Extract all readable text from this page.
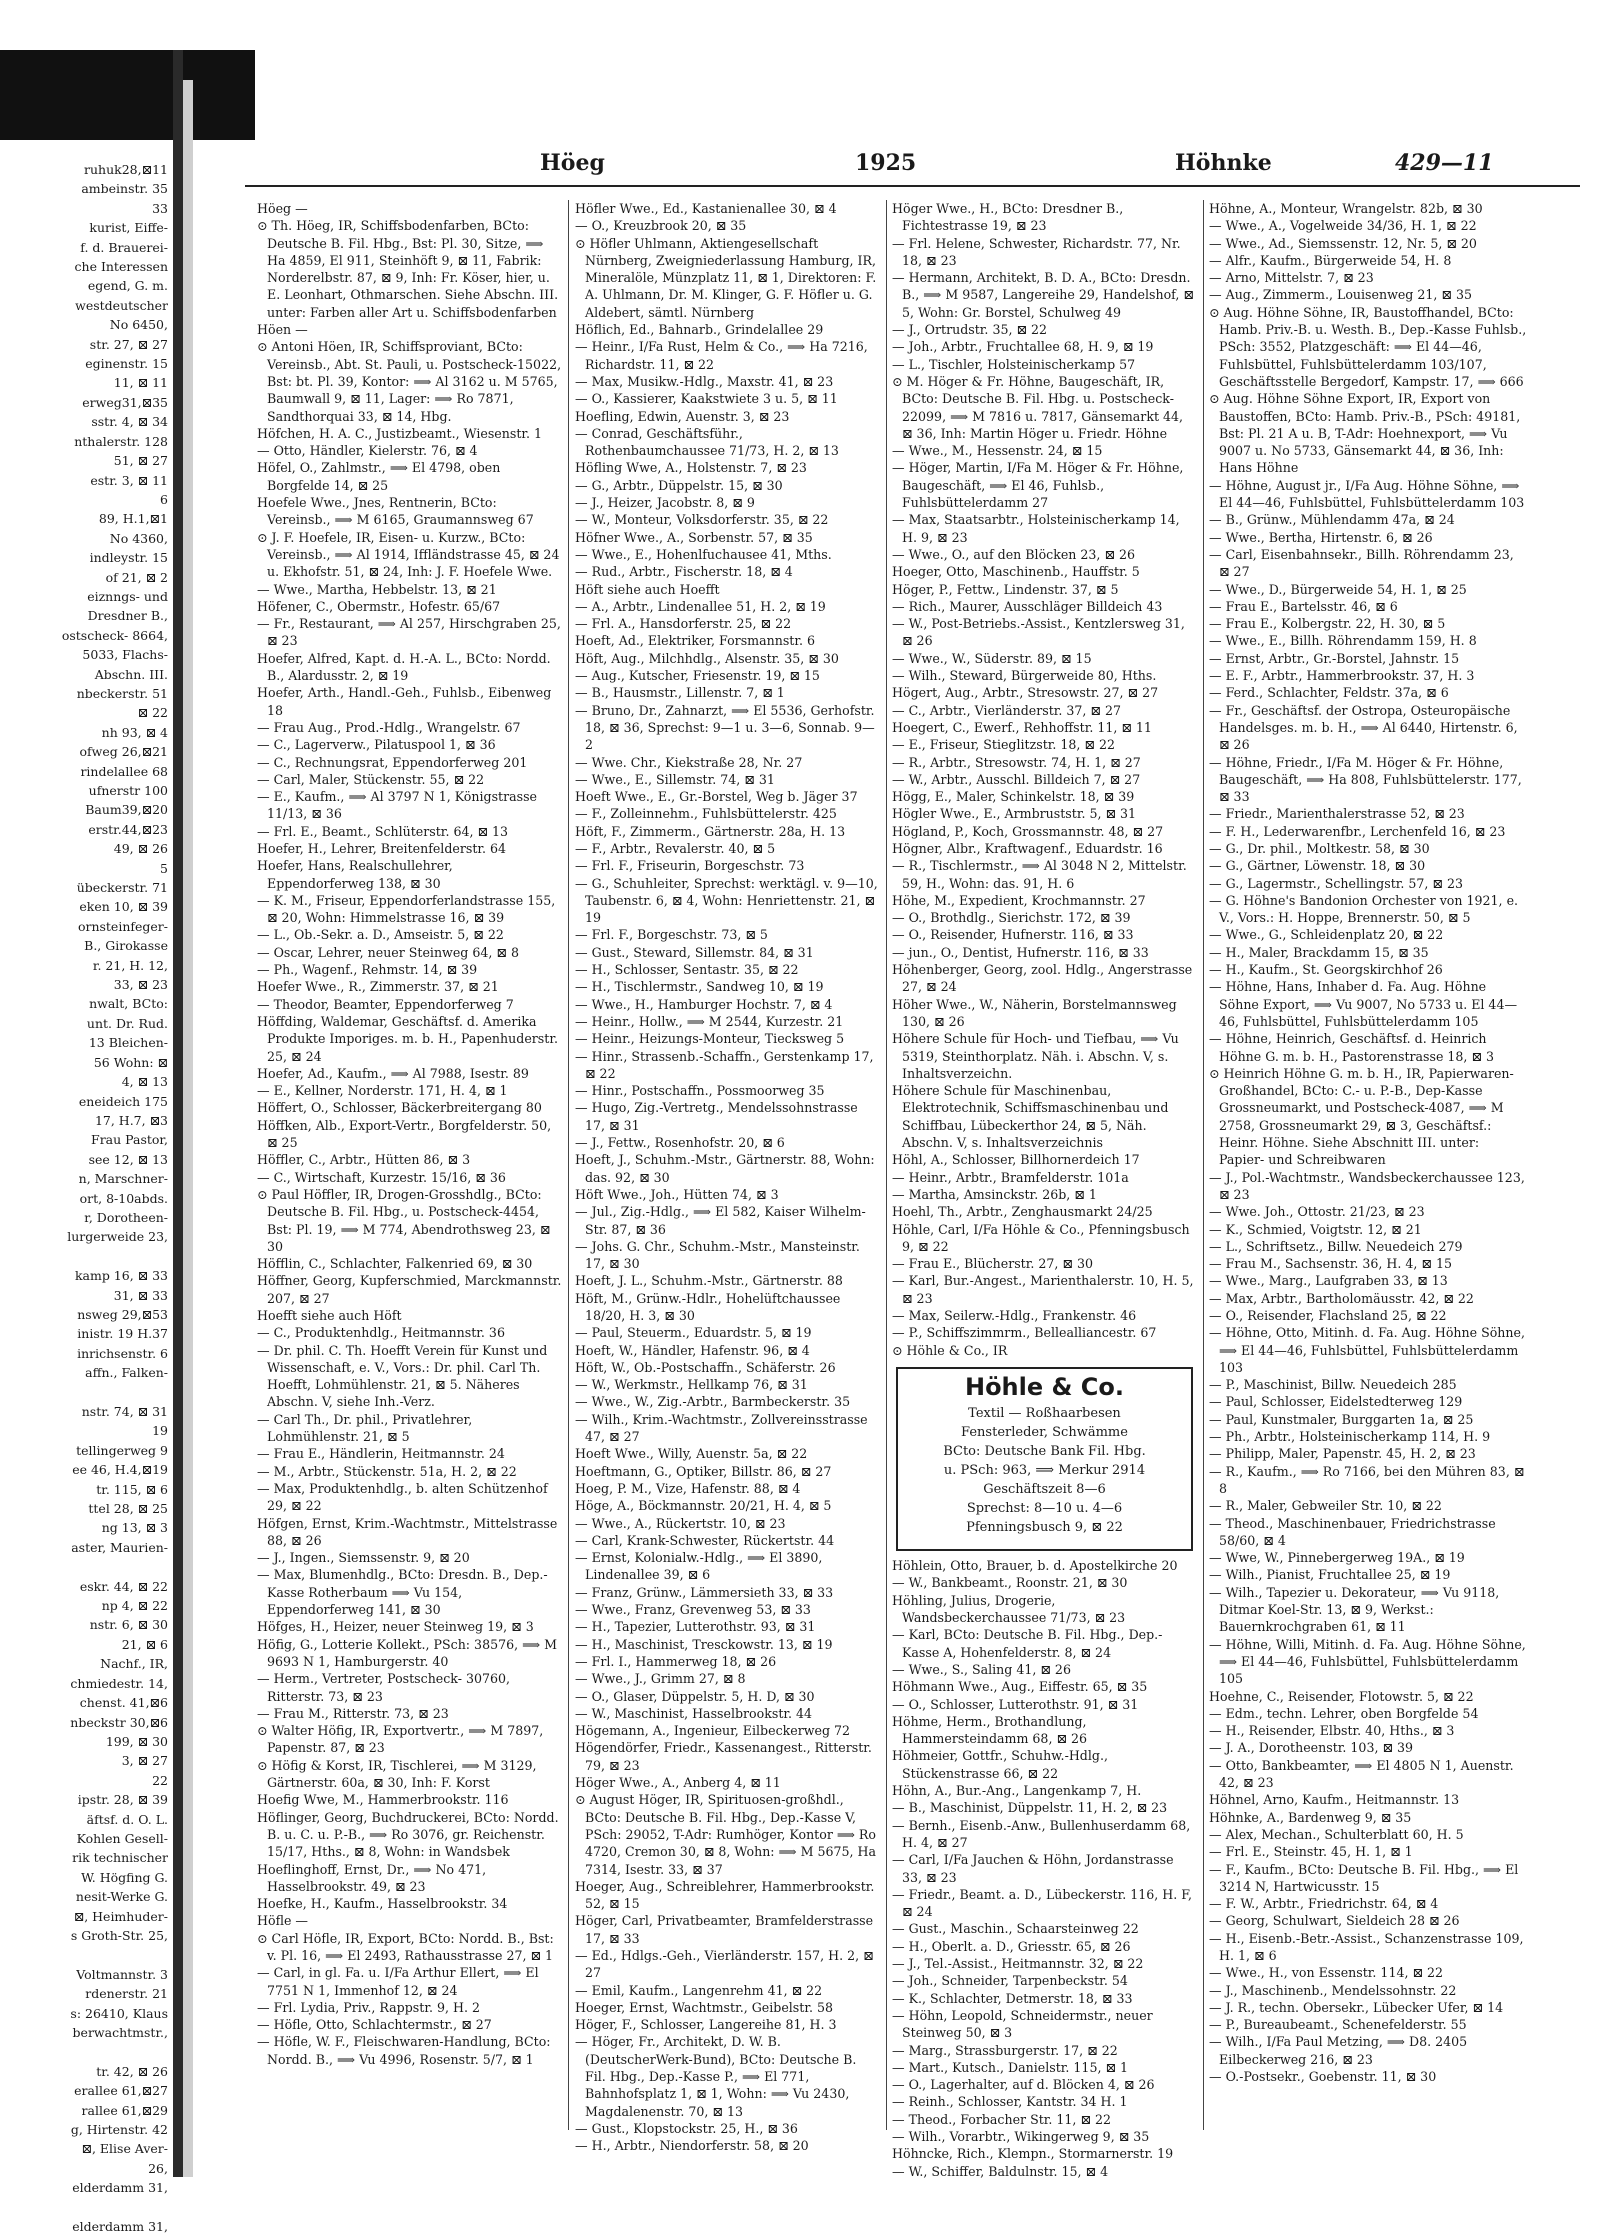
ruhuk28,⊠11
ambeinstr. 35
33
kurist, Eiffe-
f. d. Brauerei-
che Interessen
egend, G. m.
westdeutscher
No 6450,
str. 27, ⊠ 27
eginenstr. 15
11, ⊠ 11
erweg31,⊠35
sstr. 4, ⊠ 34
nthalerstr. 128
51, ⊠ 27
estr. 3, ⊠ 11
6
89, H.1,⊠1
No 4360,
indleystr. 15
of 21, ⊠ 2
eiznngs- und
Dresdner B.,
ostscheck- 8664,
5033, Flachs-
Abschn. III.
nbeckerstr. 51
⊠ 22
nh 93, ⊠ 4
ofweg 26,⊠21
rindelallee 68
ufnerstr 100
Baum39,⊠20
erstr.44,⊠23
49, ⊠ 26
5
übeckerstr. 71
eken 10, ⊠ 39
ornsteinfeger-
B., Girokasse
r. 21, H. 12,
33, ⊠ 23
nwalt, BCto:
unt. Dr. Rud.
13 Bleichen-
56 Wohn: ⊠
4, ⊠ 13
eneideich 175
17, H.7, ⊠3
Frau Pastor,
see 12, ⊠ 13
n, Marschner-
ort, 8-10abds.
r, Dorotheen-
lurgerweide 23,

kamp 16, ⊠ 33
31, ⊠ 33
nsweg 29,⊠53
inistr. 19 H.37
inrichsenstr. 6
affn., Falken-

nstr. 74, ⊠ 31
19
tellingerweg 9
ee 46, H.4,⊠19
tr. 115, ⊠ 6
ttel 28, ⊠ 25
ng 13, ⊠ 3
aster, Maurien-

eskr. 44, ⊠ 22
np 4, ⊠ 22
nstr. 6, ⊠ 30
21, ⊠ 6
Nachf., IR,
chmiedestr. 14,
chenst. 41,⊠6
nbeckstr 30,⊠6
199, ⊠ 30
3, ⊠ 27
22
ipstr. 28, ⊠ 39
äftsf. d. O. L.
Kohlen Gesell-
rik technischer
W. Högfing G.
nesit-Werke G.
⊠, Heimhuder-
s Groth-Str. 25,

Voltmannstr. 3
rdenerstr. 21
s: 26410, Klaus
berwachtmstr.,

tr. 42, ⊠ 26
erallee 61,⊠27
rallee 61,⊠29
g, Hirtenstr. 42
⊠, Elise Aver-
26,
elderdamm 31,

elderdamm 31,
Höeg	1925	Höhnke	429—11
Höeg —
⊙ Th. Höeg, IR, Schiffsbodenfarben, BCto: Deutsche B. Fil. Hbg., Bst: Pl. 30, Sitze, ⟹ Ha 4859, El 911, Steinhöft 9, ⊠ 11, Fabrik: Norderelbstr. 87, ⊠ 9, Inh: Fr. Köser, hier, u. E. Leonhart, Othmarschen. Siehe Abschn. III. unter: Farben aller Art u. Schiffsbodenfarben
Höen —
⊙ Antoni Höen, IR, Schiffsproviant, BCto: Vereinsb., Abt. St. Pauli, u. Postscheck-15022, Bst: bt. Pl. 39, Kontor: ⟹ Al 3162 u. M 5765, Baumwall 9, ⊠ 11, Lager: ⟹ Ro 7871, Sandthorquai 33, ⊠ 14, Hbg.
Höfchen, H. A. C., Justizbeamt., Wiesenstr. 1
— Otto, Händler, Kielerstr. 76, ⊠ 4
Höfel, O., Zahlmstr., ⟹ El 4798, oben Borgfelde 14, ⊠ 25
Hoefele Wwe., Jnes, Rentnerin, BCto: Vereinsb., ⟹ M 6165, Graumannsweg 67
⊙ J. F. Hoefele, IR, Eisen- u. Kurzw., BCto: Vereinsb., ⟹ Al 1914, Iffländstrasse 45, ⊠ 24 u. Ekhofstr. 51, ⊠ 24, Inh: J. F. Hoefele Wwe.
— Wwe., Martha, Hebbelstr. 13, ⊠ 21
Höfener, C., Obermstr., Hofestr. 65/67
— Fr., Restaurant, ⟹ Al 257, Hirschgraben 25, ⊠ 23
Hoefer, Alfred, Kapt. d. H.-A. L., BCto: Nordd. B., Alardusstr. 2, ⊠ 19
Hoefer, Arth., Handl.-Geh., Fuhlsb., Eibenweg 18
— Frau Aug., Prod.-Hdlg., Wrangelstr. 67
— C., Lagerverw., Pilatuspool 1, ⊠ 36
— C., Rechnungsrat, Eppendorferweg 201
— Carl, Maler, Stückenstr. 55, ⊠ 22
— E., Kaufm., ⟹ Al 3797 N 1, Königstrasse 11/13, ⊠ 36
— Frl. E., Beamt., Schlüterstr. 64, ⊠ 13
Hoefer, H., Lehrer, Breitenfelderstr. 64
Hoefer, Hans, Realschullehrer, Eppendorferweg 138, ⊠ 30
— K. M., Friseur, Eppendorferlandstrasse 155, ⊠ 20, Wohn: Himmelstrasse 16, ⊠ 39
— L., Ob.-Sekr. a. D., Amseistr. 5, ⊠ 22
— Oscar, Lehrer, neuer Steinweg 64, ⊠ 8
— Ph., Wagenf., Rehmstr. 14, ⊠ 39
Hoefer Wwe., R., Zimmerstr. 37, ⊠ 21
— Theodor, Beamter, Eppendorferweg 7
Höffding, Waldemar, Geschäftsf. d. Amerika Produkte Imporiges. m. b. H., Papenhuderstr. 25, ⊠ 24
Hoefer, Ad., Kaufm., ⟹ Al 7988, Isestr. 89
— E., Kellner, Norderstr. 171, H. 4, ⊠ 1
Höffert, O., Schlosser, Bäckerbreitergang 80
Höffken, Alb., Export-Vertr., Borgfelderstr. 50, ⊠ 25
Höffler, C., Arbtr., Hütten 86, ⊠ 3
— C., Wirtschaft, Kurzestr. 15/16, ⊠ 36
⊙ Paul Höffler, IR, Drogen-Grosshdlg., BCto: Deutsche B. Fil. Hbg., u. Postscheck-4454, Bst: Pl. 19, ⟹ M 774, Abendrothsweg 23, ⊠ 30
Höfflin, C., Schlachter, Falkenried 69, ⊠ 30
Höffner, Georg, Kupferschmied, Marckmannstr. 207, ⊠ 27
Hoefft siehe auch Höft
— C., Produktenhdlg., Heitmannstr. 36
— Dr. phil. C. Th. Hoefft Verein für Kunst und Wissenschaft, e. V., Vors.: Dr. phil. Carl Th. Hoefft, Lohmühlenstr. 21, ⊠ 5. Näheres Abschn. V, siehe Inh.-Verz.
— Carl Th., Dr. phil., Privatlehrer, Lohmühlenstr. 21, ⊠ 5
— Frau E., Händlerin, Heitmannstr. 24
— M., Arbtr., Stückenstr. 51a, H. 2, ⊠ 22
— Max, Produktenhdlg., b. alten Schützenhof 29, ⊠ 22
Höfgen, Ernst, Krim.-Wachtmstr., Mittelstrasse 88, ⊠ 26
— J., Ingen., Siemssenstr. 9, ⊠ 20
— Max, Blumenhdlg., BCto: Dresdn. B., Dep.-Kasse Rotherbaum ⟹ Vu 154, Eppendorferweg 141, ⊠ 30
Höfges, H., Heizer, neuer Steinweg 19, ⊠ 3
Höfig, G., Lotterie Kollekt., PSch: 38576, ⟹ M 9693 N 1, Hamburgerstr. 40
— Herm., Vertreter, Postscheck- 30760, Ritterstr. 73, ⊠ 23
— Frau M., Ritterstr. 73, ⊠ 23
⊙ Walter Höfig, IR, Exportvertr., ⟹ M 7897, Papenstr. 87, ⊠ 23
⊙ Höfig & Korst, IR, Tischlerei, ⟹ M 3129, Gärtnerstr. 60a, ⊠ 30, Inh: F. Korst
Hoefig Wwe, M., Hammerbrookstr. 116
Höflinger, Georg, Buchdruckerei, BCto: Nordd. B. u. C. u. P.-B., ⟹ Ro 3076, gr. Reichenstr. 15/17, Hths., ⊠ 8, Wohn: in Wandsbek
Hoeflinghoff, Ernst, Dr., ⟹ No 471, Hasselbrookstr. 49, ⊠ 23
Hoefke, H., Kaufm., Hasselbrookstr. 34
Höfle —
⊙ Carl Höfle, IR, Export, BCto: Nordd. B., Bst: v. Pl. 16, ⟹ El 2493, Rathausstrasse 27, ⊠ 1
— Carl, in gl. Fa. u. I/Fa Arthur Ellert, ⟹ El 7751 N 1, Immenhof 12, ⊠ 24
— Frl. Lydia, Priv., Rappstr. 9, H. 2
— Höfle, Otto, Schlachtermstr., ⊠ 27
— Höfle, W. F., Fleischwaren-Handlung, BCto: Nordd. B., ⟹ Vu 4996, Rosenstr. 5/7, ⊠ 1
Höfler Wwe., Ed., Kastanienallee 30, ⊠ 4
— O., Kreuzbrook 20, ⊠ 35
⊙ Höfler Uhlmann, Aktiengesellschaft Nürnberg, Zweigniederlassung Hamburg, IR, Mineralöle, Münzplatz 11, ⊠ 1, Direktoren: F. A. Uhlmann, Dr. M. Klinger, G. F. Höfler u. G. Aldebert, sämtl. Nürnberg
Höflich, Ed., Bahnarb., Grindelallee 29
— Heinr., I/Fa Rust, Helm & Co., ⟹ Ha 7216, Richardstr. 11, ⊠ 22
— Max, Musikw.-Hdlg., Maxstr. 41, ⊠ 23
— O., Kassierer, Kaakstwiete 3 u. 5, ⊠ 11
Hoefling, Edwin, Auenstr. 3, ⊠ 23
— Conrad, Geschäftsführ., Rothenbaumchaussee 71/73, H. 2, ⊠ 13
Höfling Wwe, A., Holstenstr. 7, ⊠ 23
— G., Arbtr., Düppelstr. 15, ⊠ 30
— J., Heizer, Jacobstr. 8, ⊠ 9
— W., Monteur, Volksdorferstr. 35, ⊠ 22
Höfner Wwe., A., Sorbenstr. 57, ⊠ 35
— Wwe., E., Hohenlfuchausee 41, Mths.
— Rud., Arbtr., Fischerstr. 18, ⊠ 4
Höft siehe auch Hoefft
— A., Arbtr., Lindenallee 51, H. 2, ⊠ 19
— Frl. A., Hansdorferstr. 25, ⊠ 22
Hoeft, Ad., Elektriker, Forsmannstr. 6
Höft, Aug., Milchhdlg., Alsenstr. 35, ⊠ 30
— Aug., Kutscher, Friesenstr. 19, ⊠ 15
— B., Hausmstr., Lillenstr. 7, ⊠ 1
— Bruno, Dr., Zahnarzt, ⟹ El 5536, Gerhofstr. 18, ⊠ 36, Sprechst: 9—1 u. 3—6, Sonnab. 9—2
— Wwe. Chr., Kiekstraße 28, Nr. 27
— Wwe., E., Sillemstr. 74, ⊠ 31
Hoeft Wwe., E., Gr.-Borstel, Weg b. Jäger 37
— F., Zolleinnehm., Fuhlsbüttelerstr. 425
Höft, F., Zimmerm., Gärtnerstr. 28a, H. 13
— F., Arbtr., Revalerstr. 40, ⊠ 5
— Frl. F., Friseurin, Borgeschstr. 73
— G., Schuhleiter, Sprechst: werktägl. v. 9—10, Taubenstr. 6, ⊠ 4, Wohn: Henriettenstr. 21, ⊠ 19
— Frl. F., Borgeschstr. 73, ⊠ 5
— Gust., Steward, Sillemstr. 84, ⊠ 31
— H., Schlosser, Sentastr. 35, ⊠ 22
— H., Tischlermstr., Sandweg 10, ⊠ 19
— Wwe., H., Hamburger Hochstr. 7, ⊠ 4
— Heinr., Hollw., ⟹ M 2544, Kurzestr. 21
— Heinr., Heizungs-Monteur, Tiecksweg 5
— Hinr., Strassenb.-Schaffn., Gerstenkamp 17, ⊠ 22
— Hinr., Postschaffn., Possmoorweg 35
— Hugo, Zig.-Vertretg., Mendelssohnstrasse 17, ⊠ 31
— J., Fettw., Rosenhofstr. 20, ⊠ 6
Hoeft, J., Schuhm.-Mstr., Gärtnerstr. 88, Wohn: das. 92, ⊠ 30
Höft Wwe., Joh., Hütten 74, ⊠ 3
— Jul., Zig.-Hdlg., ⟹ El 582, Kaiser Wilhelm-Str. 87, ⊠ 36
— Johs. G. Chr., Schuhm.-Mstr., Mansteinstr. 17, ⊠ 30
Hoeft, J. L., Schuhm.-Mstr., Gärtnerstr. 88
Höft, M., Grünw.-Hdlr., Hohelüftchaussee 18/20, H. 3, ⊠ 30
— Paul, Steuerm., Eduardstr. 5, ⊠ 19
Hoeft, W., Händler, Hafenstr. 96, ⊠ 4
Höft, W., Ob.-Postschaffn., Schäferstr. 26
— W., Werkmstr., Hellkamp 76, ⊠ 31
— Wwe., W., Zig.-Arbtr., Barmbeckerstr. 35
— Wilh., Krim.-Wachtmstr., Zollvereinsstrasse 47, ⊠ 27
Hoeft Wwe., Willy, Auenstr. 5a, ⊠ 22
Hoeftmann, G., Optiker, Billstr. 86, ⊠ 27
Hoeg, P. M., Vize, Hafenstr. 88, ⊠ 4
Höge, A., Böckmannstr. 20/21, H. 4, ⊠ 5
— Wwe., A., Rückertstr. 10, ⊠ 23
— Carl, Krank-Schwester, Rückertstr. 44
— Ernst, Kolonialw.-Hdlg., ⟹ El 3890, Lindenallee 39, ⊠ 6
— Franz, Grünw., Lämmersieth 33, ⊠ 33
— Wwe., Franz, Grevenweg 53, ⊠ 33
— H., Tapezier, Lutterothstr. 93, ⊠ 31
— H., Maschinist, Tresckowstr. 13, ⊠ 19
— Frl. I., Hammerweg 18, ⊠ 26
— Wwe., J., Grimm 27, ⊠ 8
— O., Glaser, Düppelstr. 5, H. D, ⊠ 30
— W., Maschinist, Hasselbrookstr. 44
Högemann, A., Ingenieur, Eilbeckerweg 72
Högendörfer, Friedr., Kassenangest., Ritterstr. 79, ⊠ 23
Höger Wwe., A., Anberg 4, ⊠ 11
⊙ August Höger, IR, Spirituosen-großhdl., BCto: Deutsche B. Fil. Hbg., Dep.-Kasse V, PSch: 29052, T-Adr: Rumhöger, Kontor ⟹ Ro 4720, Cremon 30, ⊠ 8, Wohn: ⟹ M 5675, Ha 7314, Isestr. 33, ⊠ 37
Hoeger, Aug., Schreiblehrer, Hammerbrookstr. 52, ⊠ 15
Höger, Carl, Privatbeamter, Bramfelderstrasse 17, ⊠ 33
— Ed., Hdlgs.-Geh., Vierländerstr. 157, H. 2, ⊠ 27
— Emil, Kaufm., Langenrehm 41, ⊠ 22
Hoeger, Ernst, Wachtmstr., Geibelstr. 58
Höger, F., Schlosser, Langereihe 81, H. 3
— Höger, Fr., Architekt, D. W. B. (DeutscherWerk-Bund), BCto: Deutsche B. Fil. Hbg., Dep.-Kasse P., ⟹ El 771, Bahnhofsplatz 1, ⊠ 1, Wohn: ⟹ Vu 2430, Magdalenenstr. 70, ⊠ 13
— Gust., Klopstockstr. 25, H., ⊠ 36
— H., Arbtr., Niendorferstr. 58, ⊠ 20
Höger Wwe., H., BCto: Dresdner B., Fichtestrasse 19, ⊠ 23
— Frl. Helene, Schwester, Richardstr. 77, Nr. 18, ⊠ 23
— Hermann, Architekt, B. D. A., BCto: Dresdn. B., ⟹ M 9587, Langereihe 29, Handelshof, ⊠ 5, Wohn: Gr. Borstel, Schulweg 49
— J., Ortrudstr. 35, ⊠ 22
— Joh., Arbtr., Fruchtallee 68, H. 9, ⊠ 19
— L., Tischler, Holsteinischerkamp 57
⊙ M. Höger & Fr. Höhne, Baugeschäft, IR, BCto: Deutsche B. Fil. Hbg. u. Postscheck-22099, ⟹ M 7816 u. 7817, Gänsemarkt 44, ⊠ 36, Inh: Martin Höger u. Friedr. Höhne
— Wwe., M., Hessenstr. 24, ⊠ 15
— Höger, Martin, I/Fa M. Höger & Fr. Höhne, Baugeschäft, ⟹ El 46, Fuhlsb., Fuhlsbüttelerdamm 27
— Max, Staatsarbtr., Holsteinischerkamp 14, H. 9, ⊠ 23
— Wwe., O., auf den Blöcken 23, ⊠ 26
Hoeger, Otto, Maschinenb., Hauffstr. 5
Höger, P., Fettw., Lindenstr. 37, ⊠ 5
— Rich., Maurer, Ausschläger Billdeich 43
— W., Post-Betriebs.-Assist., Kentzlersweg 31, ⊠ 26
— Wwe., W., Süderstr. 89, ⊠ 15
— Wilh., Steward, Bürgerweide 80, Hths.
Högert, Aug., Arbtr., Stresowstr. 27, ⊠ 27
— C., Arbtr., Vierländerstr. 37, ⊠ 27
Hoegert, C., Ewerf., Rehhoffstr. 11, ⊠ 11
— E., Friseur, Stieglitzstr. 18, ⊠ 22
— R., Arbtr., Stresowstr. 74, H. 1, ⊠ 27
— W., Arbtr., Ausschl. Billdeich 7, ⊠ 27
Högg, E., Maler, Schinkelstr. 18, ⊠ 39
Högler Wwe., E., Armbruststr. 5, ⊠ 31
Högland, P., Koch, Grossmannstr. 48, ⊠ 27
Högner, Albr., Kraftwagenf., Eduardstr. 16
— R., Tischlermstr., ⟹ Al 3048 N 2, Mittelstr. 59, H., Wohn: das. 91, H. 6
Höhe, M., Expedient, Krochmannstr. 27
— O., Brothdlg., Sierichstr. 172, ⊠ 39
— O., Reisender, Hufnerstr. 116, ⊠ 33
— jun., O., Dentist, Hufnerstr. 116, ⊠ 33
Höhenberger, Georg, zool. Hdlg., Angerstrasse 27, ⊠ 24
Höher Wwe., W., Näherin, Borstelmannsweg 130, ⊠ 26
Höhere Schule für Hoch- und Tiefbau, ⟹ Vu 5319, Steinthorplatz. Näh. i. Abschn. V, s. Inhaltsverzeichn.
Höhere Schule für Maschinenbau, Elektrotechnik, Schiffsmaschinenbau und Schiffbau, Lübeckerthor 24, ⊠ 5, Näh. Abschn. V, s. Inhaltsverzeichnis
Höhl, A., Schlosser, Billhornerdeich 17
— Heinr., Arbtr., Bramfelderstr. 101a
— Martha, Amsinckstr. 26b, ⊠ 1
Hoehl, Th., Arbtr., Zenghausmarkt 24/25
Höhle, Carl, I/Fa Höhle & Co., Pfenningsbusch 9, ⊠ 22
— Frau E., Blücherstr. 27, ⊠ 30
— Karl, Bur.-Angest., Marienthalerstr. 10, H. 5, ⊠ 23
— Max, Seilerw.-Hdlg., Frankenstr. 46
— P., Schiffszimmrm., Bellealliancestr. 67
⊙ Höhle & Co., IR
Höhle & Co.
Textil — Roßhaarbesen
Fensterleder, Schwämme
BCto: Deutsche Bank Fil. Hbg.
u. PSch: 963, ⟹ Merkur 2914
Geschäftszeit 8—6
Sprechst: 8—10 u. 4—6
Pfenningsbusch 9, ⊠ 22
Höhlein, Otto, Brauer, b. d. Apostelkirche 20
— W., Bankbeamt., Roonstr. 21, ⊠ 30
Höhling, Julius, Drogerie, Wandsbeckerchaussee 71/73, ⊠ 23
— Karl, BCto: Deutsche B. Fil. Hbg., Dep.-Kasse A, Hohenfelderstr. 8, ⊠ 24
— Wwe., S., Saling 41, ⊠ 26
Höhmann Wwe., Aug., Eiffestr. 65, ⊠ 35
— O., Schlosser, Lutterothstr. 91, ⊠ 31
Höhme, Herm., Brothandlung, Hammersteindamm 68, ⊠ 26
Höhmeier, Gottfr., Schuhw.-Hdlg., Stückenstrasse 66, ⊠ 22
Höhn, A., Bur.-Ang., Langenkamp 7, H.
— B., Maschinist, Düppelstr. 11, H. 2, ⊠ 23
— Bernh., Eisenb.-Anw., Bullenhuserdamm 68, H. 4, ⊠ 27
— Carl, I/Fa Jauchen & Höhn, Jordanstrasse 33, ⊠ 23
— Friedr., Beamt. a. D., Lübeckerstr. 116, H. F, ⊠ 24
— Gust., Maschin., Schaarsteinweg 22
— H., Oberlt. a. D., Griesstr. 65, ⊠ 26
— J., Tel.-Assist., Heitmannstr. 32, ⊠ 22
— Joh., Schneider, Tarpenbeckstr. 54
— K., Schlachter, Detmerstr. 18, ⊠ 33
— Höhn, Leopold, Schneidermstr., neuer Steinweg 50, ⊠ 3
— Marg., Strassburgerstr. 17, ⊠ 22
— Mart., Kutsch., Danielstr. 115, ⊠ 1
— O., Lagerhalter, auf d. Blöcken 4, ⊠ 26
— Reinh., Schlosser, Kantstr. 34 H. 1
— Theod., Forbacher Str. 11, ⊠ 22
— Wilh., Vorarbtr., Wikingerweg 9, ⊠ 35
Höhncke, Rich., Klempn., Stormarnerstr. 19
— W., Schiffer, Baldulnstr. 15, ⊠ 4
Höhne, A., Monteur, Wrangelstr. 82b, ⊠ 30
— Wwe., A., Vogelweide 34/36, H. 1, ⊠ 22
— Wwe., Ad., Siemssenstr. 12, Nr. 5, ⊠ 20
— Alfr., Kaufm., Bürgerweide 54, H. 8
— Arno, Mittelstr. 7, ⊠ 23
— Aug., Zimmerm., Louisenweg 21, ⊠ 35
⊙ Aug. Höhne Söhne, IR, Baustoffhandel, BCto: Hamb. Priv.-B. u. Westh. B., Dep.-Kasse Fuhlsb., PSch: 3552, Platzgeschäft: ⟹ El 44—46, Fuhlsbüttel, Fuhlsbüttelerdamm 103/107, Geschäftsstelle Bergedorf, Kampstr. 17, ⟹ 666
⊙ Aug. Höhne Söhne Export, IR, Export von Baustoffen, BCto: Hamb. Priv.-B., PSch: 49181, Bst: Pl. 21 A u. B, T-Adr: Hoehnexport, ⟹ Vu 9007 u. No 5733, Gänsemarkt 44, ⊠ 36, Inh: Hans Höhne
— Höhne, August jr., I/Fa Aug. Höhne Söhne, ⟹ El 44—46, Fuhlsbüttel, Fuhlsbüttelerdamm 103
— B., Grünw., Mühlendamm 47a, ⊠ 24
— Wwe., Bertha, Hirtenstr. 6, ⊠ 26
— Carl, Eisenbahnsekr., Billh. Röhrendamm 23, ⊠ 27
— Wwe., D., Bürgerweide 54, H. 1, ⊠ 25
— Frau E., Bartelsstr. 46, ⊠ 6
— Frau E., Kolbergstr. 22, H. 30, ⊠ 5
— Wwe., E., Billh. Röhrendamm 159, H. 8
— Ernst, Arbtr., Gr.-Borstel, Jahnstr. 15
— E. F., Arbtr., Hammerbrookstr. 37, H. 3
— Ferd., Schlachter, Feldstr. 37a, ⊠ 6
— Fr., Geschäftsf. der Ostropa, Osteuropäische Handelsges. m. b. H., ⟹ Al 6440, Hirtenstr. 6, ⊠ 26
— Höhne, Friedr., I/Fa M. Höger & Fr. Höhne, Baugeschäft, ⟹ Ha 808, Fuhlsbüttelerstr. 177, ⊠ 33
— Friedr., Marienthalerstrasse 52, ⊠ 23
— F. H., Lederwarenfbr., Lerchenfeld 16, ⊠ 23
— G., Dr. phil., Moltkestr. 58, ⊠ 30
— G., Gärtner, Löwenstr. 18, ⊠ 30
— G., Lagermstr., Schellingstr. 57, ⊠ 23
— G. Höhne's Bandonion Orchester von 1921, e. V., Vors.: H. Hoppe, Brennerstr. 50, ⊠ 5
— Wwe., G., Schleidenplatz 20, ⊠ 22
— H., Maler, Brackdamm 15, ⊠ 35
— H., Kaufm., St. Georgskirchhof 26
— Höhne, Hans, Inhaber d. Fa. Aug. Höhne Söhne Export, ⟹ Vu 9007, No 5733 u. El 44—46, Fuhlsbüttel, Fuhlsbüttelerdamm 105
— Höhne, Heinrich, Geschäftsf. d. Heinrich Höhne G. m. b. H., Pastorenstrasse 18, ⊠ 3
⊙ Heinrich Höhne G. m. b. H., IR, Papierwaren-Großhandel, BCto: C.- u. P.-B., Dep-Kasse Grossneumarkt, und Postscheck-4087, ⟹ M 2758, Grossneumarkt 29, ⊠ 3, Geschäftsf.: Heinr. Höhne. Siehe Abschnitt III. unter: Papier- und Schreibwaren
— J., Pol.-Wachtmstr., Wandsbeckerchaussee 123, ⊠ 23
— Wwe. Joh., Ottostr. 21/23, ⊠ 23
— K., Schmied, Voigtstr. 12, ⊠ 21
— L., Schriftsetz., Billw. Neuedeich 279
— Frau M., Sachsenstr. 36, H. 4, ⊠ 15
— Wwe., Marg., Laufgraben 33, ⊠ 13
— Max, Arbtr., Bartholomäusstr. 42, ⊠ 22
— O., Reisender, Flachsland 25, ⊠ 22
— Höhne, Otto, Mitinh. d. Fa. Aug. Höhne Söhne, ⟹ El 44—46, Fuhlsbüttel, Fuhlsbüttelerdamm 103
— P., Maschinist, Billw. Neuedeich 285
— Paul, Schlosser, Eidelstedterweg 129
— Paul, Kunstmaler, Burggarten 1a, ⊠ 25
— Ph., Arbtr., Holsteinischerkamp 114, H. 9
— Philipp, Maler, Papenstr. 45, H. 2, ⊠ 23
— R., Kaufm., ⟹ Ro 7166, bei den Mühren 83, ⊠ 8
— R., Maler, Gebweiler Str. 10, ⊠ 22
— Theod., Maschinenbauer, Friedrichstrasse 58/60, ⊠ 4
— Wwe, W., Pinnebergerweg 19A., ⊠ 19
— Wilh., Pianist, Fruchtallee 25, ⊠ 19
— Wilh., Tapezier u. Dekorateur, ⟹ Vu 9118, Ditmar Koel-Str. 13, ⊠ 9, Werkst.: Bauernkrochgraben 61, ⊠ 11
— Höhne, Willi, Mitinh. d. Fa. Aug. Höhne Söhne, ⟹ El 44—46, Fuhlsbüttel, Fuhlsbüttelerdamm 105
Hoehne, C., Reisender, Flotowstr. 5, ⊠ 22
— Edm., techn. Lehrer, oben Borgfelde 54
— H., Reisender, Elbstr. 40, Hths., ⊠ 3
— J. A., Dorotheenstr. 103, ⊠ 39
— Otto, Bankbeamter, ⟹ El 4805 N 1, Auenstr. 42, ⊠ 23
Höhnel, Arno, Kaufm., Heitmannstr. 13
Höhnke, A., Bardenweg 9, ⊠ 35
— Alex, Mechan., Schulterblatt 60, H. 5
— Frl. E., Steinstr. 45, H. 1, ⊠ 1
— F., Kaufm., BCto: Deutsche B. Fil. Hbg., ⟹ El 3214 N, Hartwicusstr. 15
— F. W., Arbtr., Friedrichstr. 64, ⊠ 4
— Georg, Schulwart, Sieldeich 28 ⊠ 26
— H., Eisenb.-Betr.-Assist., Schanzenstrasse 109, H. 1, ⊠ 6
— Wwe., H., von Essenstr. 114, ⊠ 22
— J., Maschinenb., Mendelssohnstr. 22
— J. R., techn. Obersekr., Lübecker Ufer, ⊠ 14
— P., Bureaubeamt., Schenefelderstr. 55
— Wilh., I/Fa Paul Metzing, ⟹ D8. 2405 Eilbeckerweg 216, ⊠ 23
— O.-Postsekr., Goebenstr. 11, ⊠ 30
